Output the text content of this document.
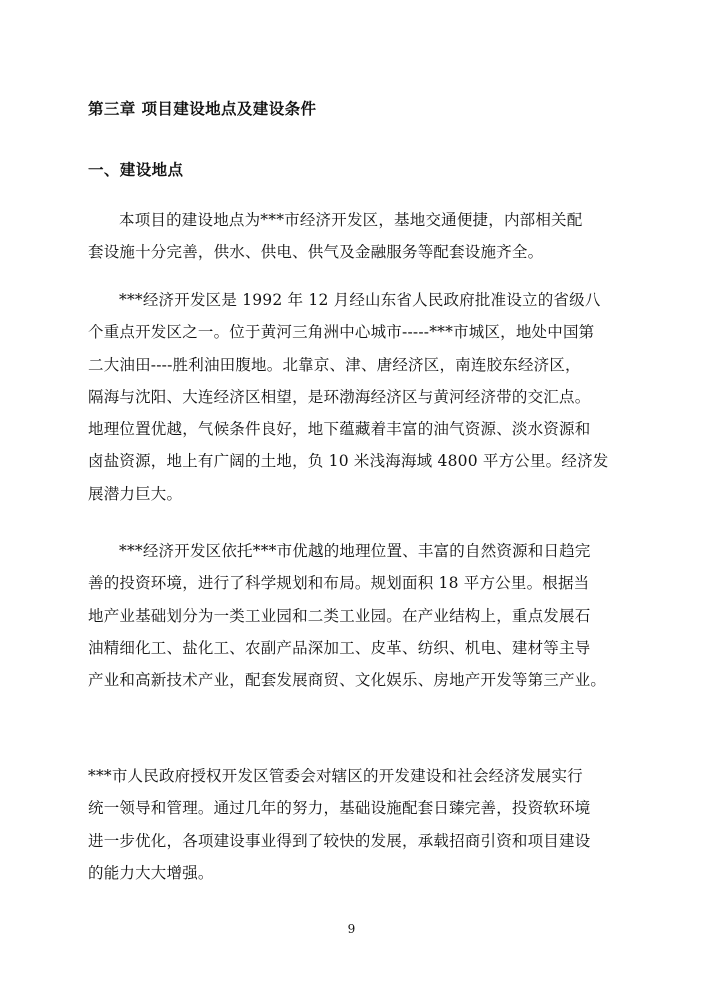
第三章 项目建设地点及建设条件
一、建设地点
本项目的建设地点为***市经济开发区，基地交通便捷，内部相关配
套设施十分完善，供水、供电、供气及金融服务等配套设施齐全。
***经济开发区是 1992 年 12 月经山东省人民政府批准设立的省级八
个重点开发区之一。位于黄河三角洲中心城市-----***市城区，地处中国第
二大油田----胜利油田腹地。北靠京、津、唐经济区，南连胶东经济区，
隔海与沈阳、大连经济区相望，是环渤海经济区与黄河经济带的交汇点。
地理位置优越，气候条件良好，地下蕴藏着丰富的油气资源、淡水资源和
卤盐资源，地上有广阔的土地，负 10 米浅海海域 4800 平方公里。经济发
展潜力巨大。
***经济开发区依托***市优越的地理位置、丰富的自然资源和日趋完
善的投资环境，进行了科学规划和布局。规划面积 18 平方公里。根据当
地产业基础划分为一类工业园和二类工业园。在产业结构上，重点发展石
油精细化工、盐化工、农副产品深加工、皮革、纺织、机电、建材等主导
产业和高新技术产业，配套发展商贸、文化娱乐、房地产开发等第三产业。
***市人民政府授权开发区管委会对辖区的开发建设和社会经济发展实行
统一领导和管理。通过几年的努力，基础设施配套日臻完善，投资软环境
进一步优化，各项建设事业得到了较快的发展，承载招商引资和项目建设
的能力大大增强。
9
